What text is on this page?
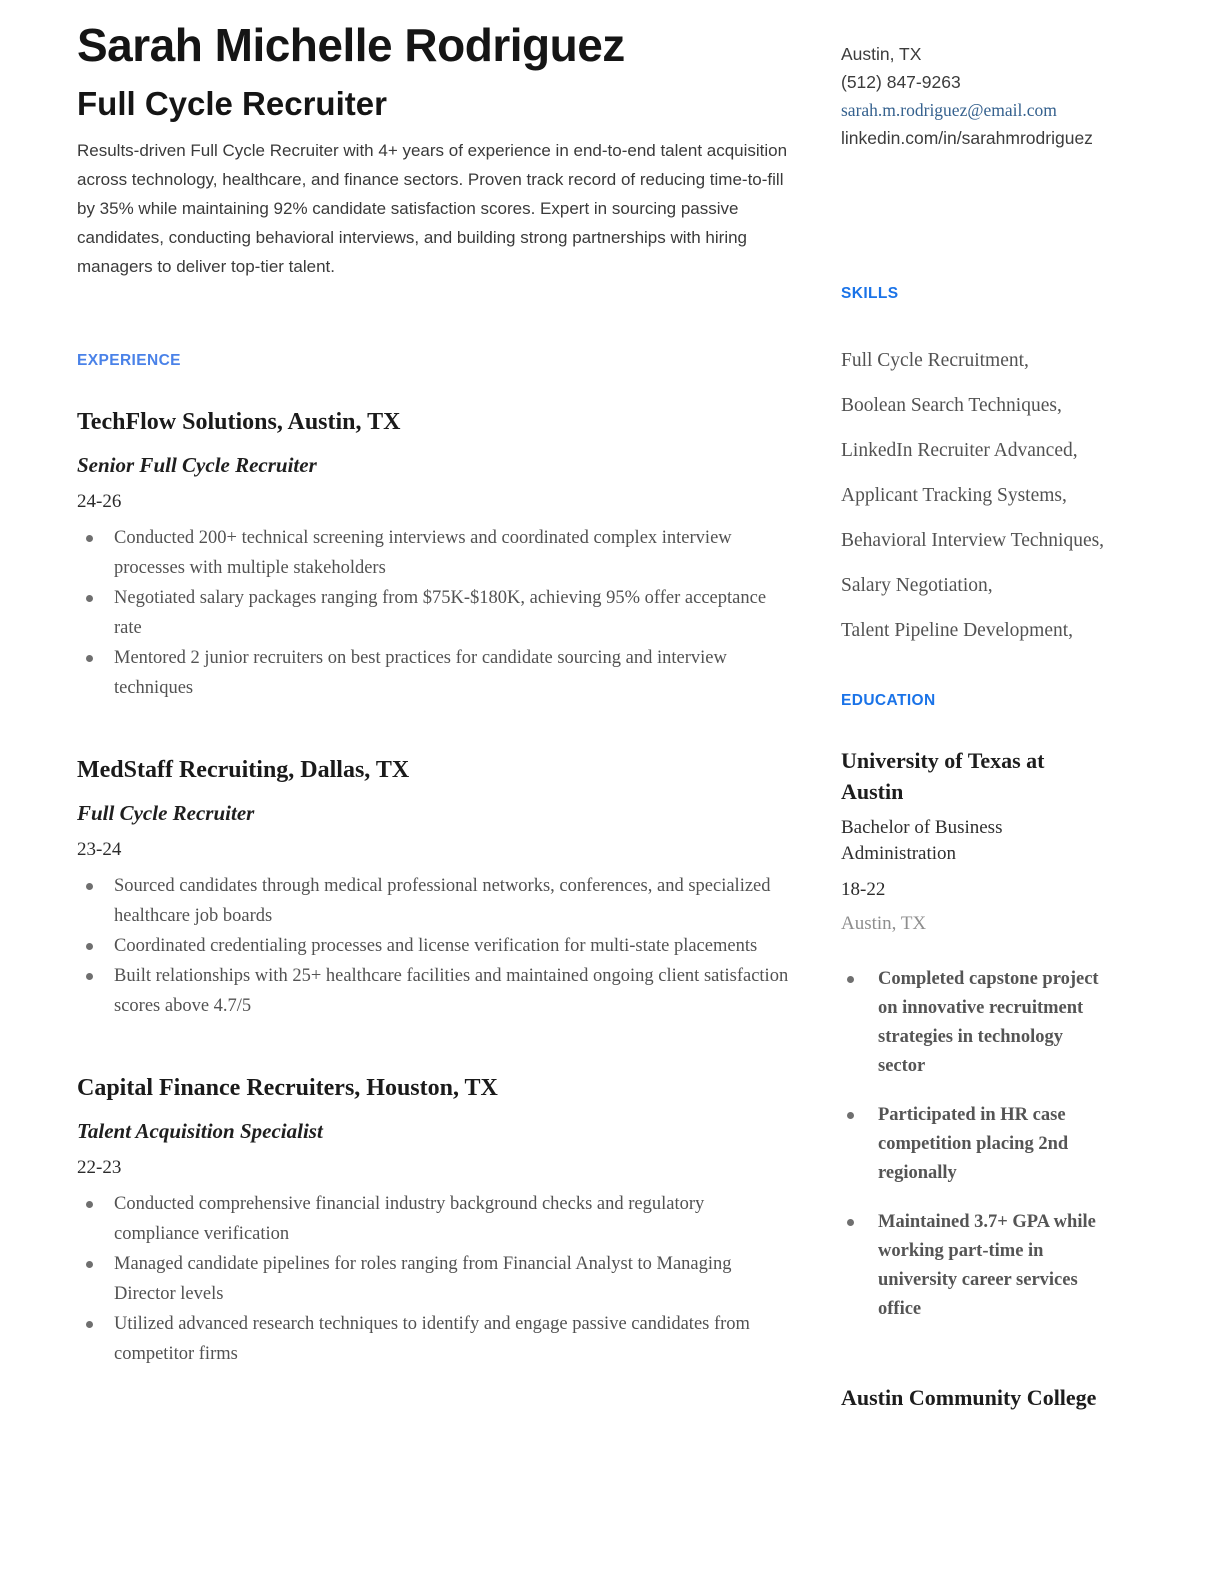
Sarah Michelle Rodriguez
Full Cycle Recruiter

Results-driven Full Cycle Recruiter with 4+ years of experience in end-to-end talent acquisition across technology, healthcare, and finance sectors. Proven track record of reducing time-to-fill by 35% while maintaining 92% candidate satisfaction scores. Expert in sourcing passive candidates, conducting behavioral interviews, and building strong partnerships with hiring managers to deliver top-tier talent.

EXPERIENCE
TechFlow Solutions, Austin, TX
Senior Full Cycle Recruiter
24-26
Conducted 200+ technical screening interviews and coordinated complex interview processes with multiple stakeholders
Negotiated salary packages ranging from $75K-$180K, achieving 95% offer acceptance rate
Mentored 2 junior recruiters on best practices for candidate sourcing and interview techniques
MedStaff Recruiting, Dallas, TX
Full Cycle Recruiter
23-24
Sourced candidates through medical professional networks, conferences, and specialized healthcare job boards
Coordinated credentialing processes and license verification for multi-state placements
Built relationships with 25+ healthcare facilities and maintained ongoing client satisfaction scores above 4.7/5
Capital Finance Recruiters, Houston, TX
Talent Acquisition Specialist
22-23
Conducted comprehensive financial industry background checks and regulatory compliance verification
Managed candidate pipelines for roles ranging from Financial Analyst to Managing Director levels
Utilized advanced research techniques to identify and engage passive candidates from competitor firms
Austin, TX
(512) 847-9263
sarah.m.rodriguez@email.com
linkedin.com/in/sarahmrodriguez
SKILLS
Full Cycle Recruitment,
Boolean Search Techniques,
LinkedIn Recruiter Advanced,
Applicant Tracking Systems,
Behavioral Interview Techniques,
Salary Negotiation,
Talent Pipeline Development,
EDUCATION
University of Texas at Austin
Bachelor of Business Administration
18-22
Austin, TX
Completed capstone project on innovative recruitment strategies in technology sector
Participated in HR case competition placing 2nd regionally
Maintained 3.7+ GPA while working part-time in university career services office
Austin Community College
